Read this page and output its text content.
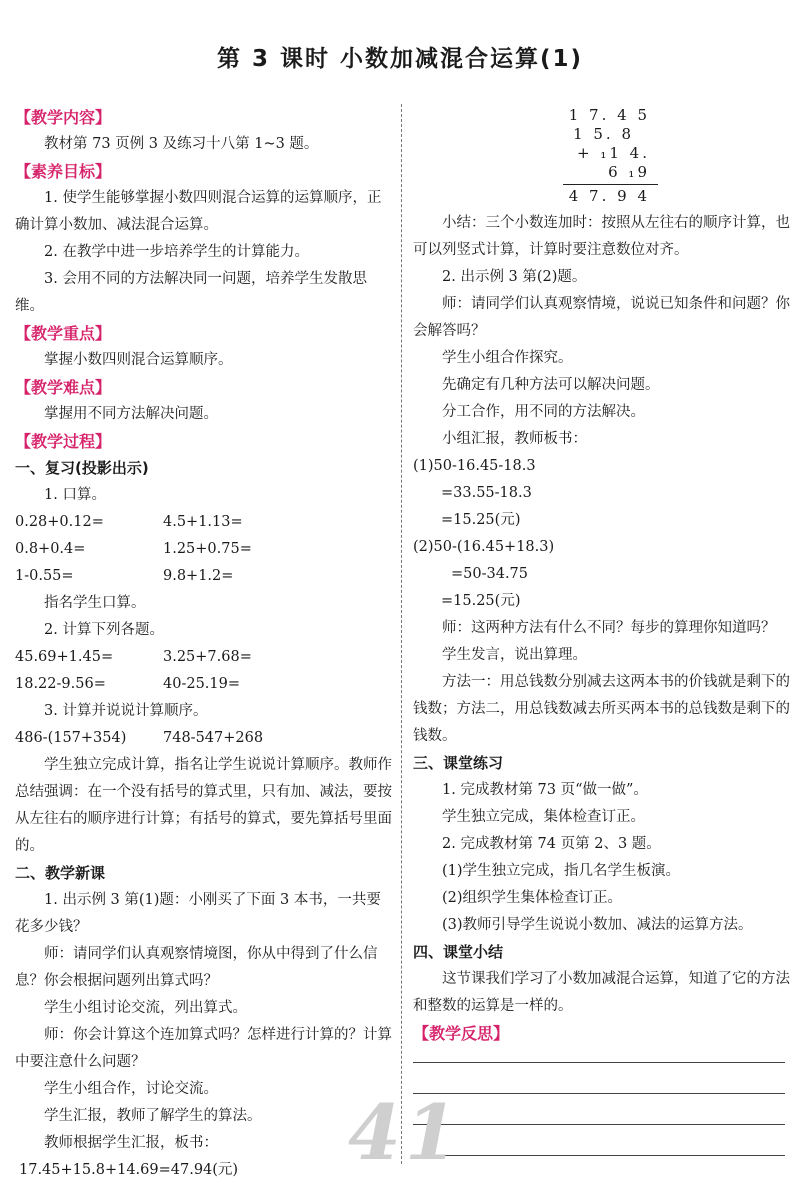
第 3 课时 小数加减混合运算(1)
【教学内容】
教材第 73 页例 3 及练习十八第 1~3 题。
【素养目标】
1. 使学生能够掌握小数四则混合运算的运算顺序，正确计算小数加、减法混合运算。
2. 在教学中进一步培养学生的计算能力。
3. 会用不同的方法解决同一问题，培养学生发散思维。
【教学重点】
掌握小数四则混合运算顺序。
【教学难点】
掌握用不同方法解决问题。
【教学过程】
一、复习(投影出示)
1. 口算。
0.28+0.12=	4.5+1.13=
0.8+0.4=	1.25+0.75=
1-0.55=	9.8+1.2=
指名学生口算。
2. 计算下列各题。
45.69+1.45=	3.25+7.68=
18.22-9.56=	40-25.19=
3. 计算并说说计算顺序。
486-(157+354)	748-547+268
学生独立完成计算，指名让学生说说计算顺序。教师作总结强调：在一个没有括号的算式里，只有加、减法，要按从左往右的顺序进行计算；有括号的算式，要先算括号里面的。
二、教学新课
1. 出示例 3 第(1)题：小刚买了下面 3 本书，一共要花多少钱？
师：请同学们认真观察情境图，你从中得到了什么信息？你会根据问题列出算式吗？
学生小组讨论交流，列出算式。
师：你会计算这个连加算式吗？怎样进行计算的？计算中要注意什么问题？
学生小组合作，讨论交流。
学生汇报，教师了解学生的算法。
教师根据学生汇报，板书：
17.45+15.8+14.69=47.94(元)
1 7. 4 5
1 5. 8
+ ₁1 4. 6 ₁9
4 7. 9 4
小结：三个小数连加时：按照从左往右的顺序计算，也可以列竖式计算，计算时要注意数位对齐。
2. 出示例 3 第(2)题。
师：请同学们认真观察情境，说说已知条件和问题？你会解答吗？
学生小组合作探究。
先确定有几种方法可以解决问题。
分工合作，用不同的方法解决。
小组汇报，教师板书：
(1)50-16.45-18.3
=33.55-18.3
=15.25(元)
(2)50-(16.45+18.3)
=50-34.75
=15.25(元)
师：这两种方法有什么不同？每步的算理你知道吗？
学生发言，说出算理。
方法一：用总钱数分别减去这两本书的价钱就是剩下的钱数；方法二，用总钱数减去所买两本书的总钱数是剩下的钱数。
三、课堂练习
1. 完成教材第 73 页“做一做”。
学生独立完成，集体检查订正。
2. 完成教材第 74 页第 2、3 题。
(1)学生独立完成，指几名学生板演。
(2)组织学生集体检查订正。
(3)教师引导学生说说小数加、减法的运算方法。
四、课堂小结
这节课我们学习了小数加减混合运算，知道了它的方法和整数的运算是一样的。
【教学反思】
41
